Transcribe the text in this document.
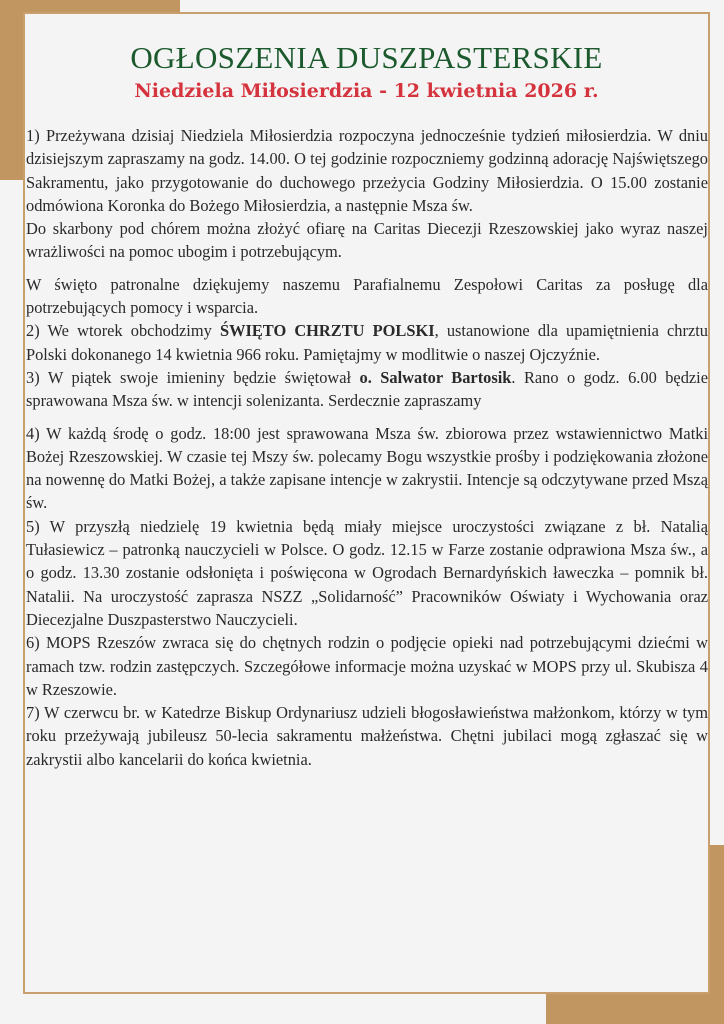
OGŁOSZENIA DUSZPASTERSKIE
Niedziela Miłosierdzia - 12 kwietnia 2026 r.

1) Przeżywana dzisiaj Niedziela Miłosierdzia rozpoczyna jednocześnie tydzień miłosierdzia. W dniu dzisiejszym zapraszamy na godz. 14.00. O tej godzinie rozpoczniemy godzinną adorację Najświętszego Sakramentu, jako przygotowanie do duchowego przeżycia Godziny Miłosierdzia. O 15.00 zostanie odmówiona Koronka do Bożego Miłosierdzia, a następnie Msza św.

Do skarbony pod chórem można złożyć ofiarę na Caritas Diecezji Rzeszowskiej jako wyraz naszej wrażliwości na pomoc ubogim i potrzebującym.

W święto patronalne dziękujemy naszemu Parafialnemu Zespołowi Caritas za posługę dla potrzebujących pomocy i wsparcia.

2) We wtorek obchodzimy ŚWIĘTO CHRZTU POLSKI, ustanowione dla upamiętnienia chrztu Polski dokonanego 14 kwietnia 966 roku. Pamiętajmy w modlitwie o naszej Ojczyźnie.

3) W piątek swoje imieniny będzie świętował o. Salwator Bartosik. Rano o godz. 6.00 będzie sprawowana Msza św. w intencji solenizanta. Serdecznie zapraszamy

4) W każdą środę o godz. 18:00 jest sprawowana Msza św. zbiorowa przez wstawiennictwo Matki Bożej Rzeszowskiej. W czasie tej Mszy św. polecamy Bogu wszystkie prośby i podziękowania złożone na nowennę do Matki Bożej, a także zapisane intencje w zakrystii. Intencje są odczytywane przed Mszą św.

5) W przyszłą niedzielę 19 kwietnia będą miały miejsce uroczystości związane z bł. Natalią Tułasiewicz – patronką nauczycieli w Polsce. O godz. 12.15 w Farze zostanie odprawiona Msza św., a o godz. 13.30 zostanie odsłonięta i poświęcona w Ogrodach Bernardyńskich ławeczka – pomnik bł. Natalii. Na uroczystość zaprasza NSZZ „Solidarność” Pracowników Oświaty i Wychowania oraz Diecezjalne Duszpasterstwo Nauczycieli.

6) MOPS Rzeszów zwraca się do chętnych rodzin o podjęcie opieki nad potrzebującymi dziećmi w ramach tzw. rodzin zastępczych. Szczegółowe informacje można uzyskać w MOPS przy ul. Skubisza 4 w Rzeszowie.

7) W czerwcu br. w Katedrze Biskup Ordynariusz udzieli błogosławieństwa małżonkom, którzy w tym roku przeżywają jubileusz 50-lecia sakramentu małżeństwa. Chętni jubilaci mogą zgłaszać się w zakrystii albo kancelarii do końca kwietnia.
